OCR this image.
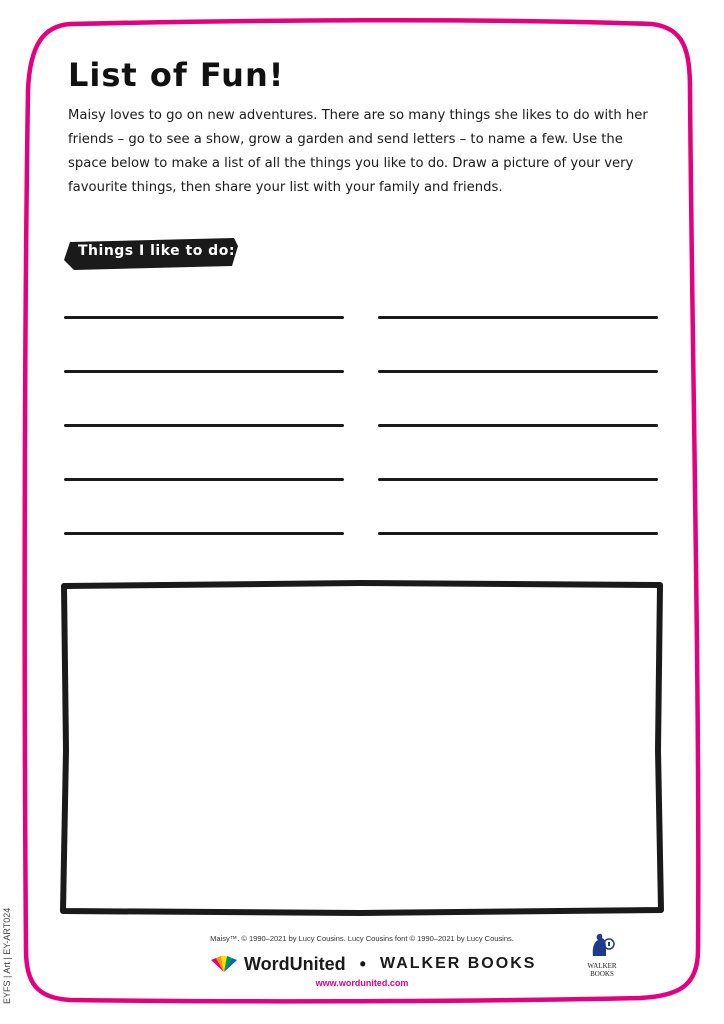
List of Fun!

Maisy loves to go on new adventures. There are so many things she likes to do with her friends – go to see a show, grow a garden and send letters – to name a few. Use the space below to make a list of all the things you like to do. Draw a picture of your very favourite things, then share your list with your family and friends.

Things I like to do:
Maisy™. © 1990–2021 by Lucy Cousins. Lucy Cousins font © 1990–2021 by Lucy Cousins.
WordUnited • WALKER BOOKS
www.wordunited.com
WALKER
BOOKS
EYFS | Art | EY-ART024
